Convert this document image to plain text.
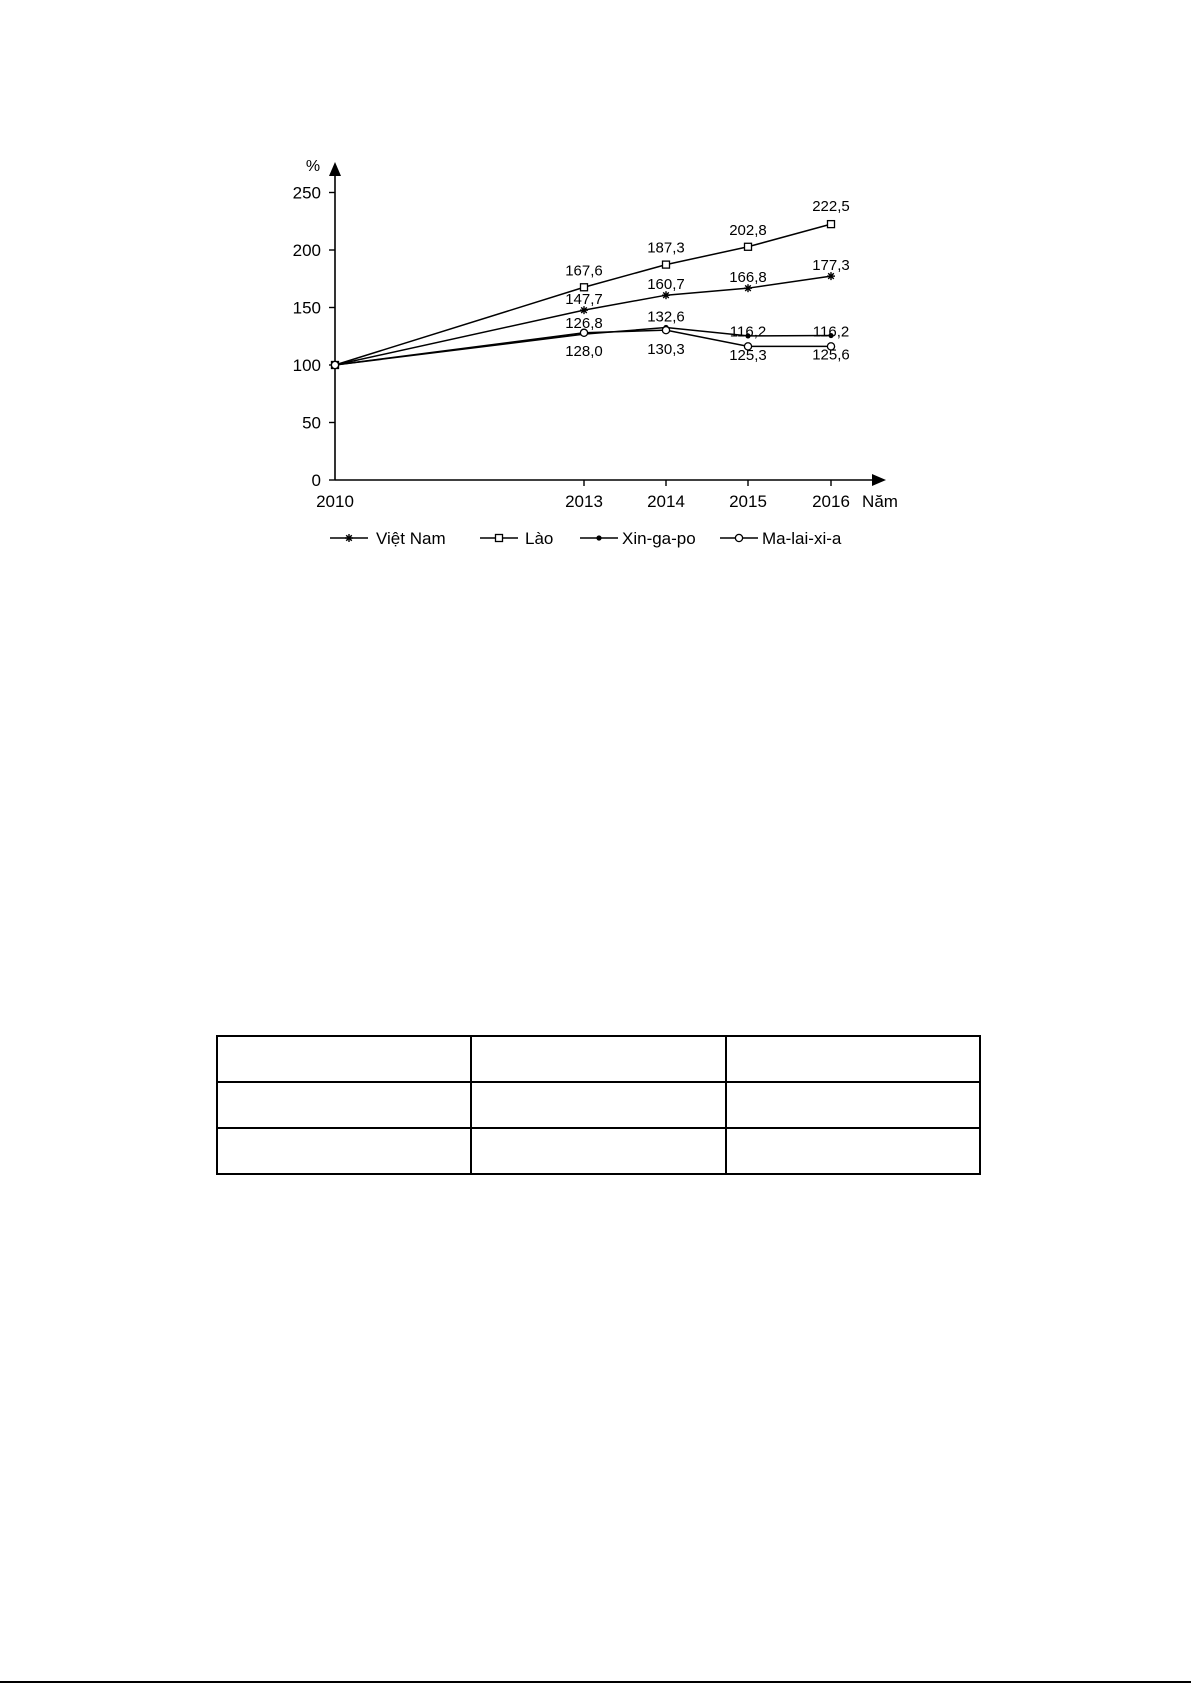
0
50
100
150
200
250
%
2010	2013	2014	2015	2016 Năm
147,7
160,7	166,8
177,3
167,6
187,3
202,8
222,5
126,8	132,6
125,3	125,6
128,0	130,3
116,2	116,2
Việt Nam	Lào	Xin-ga-po	Ma-lai-xi-a
